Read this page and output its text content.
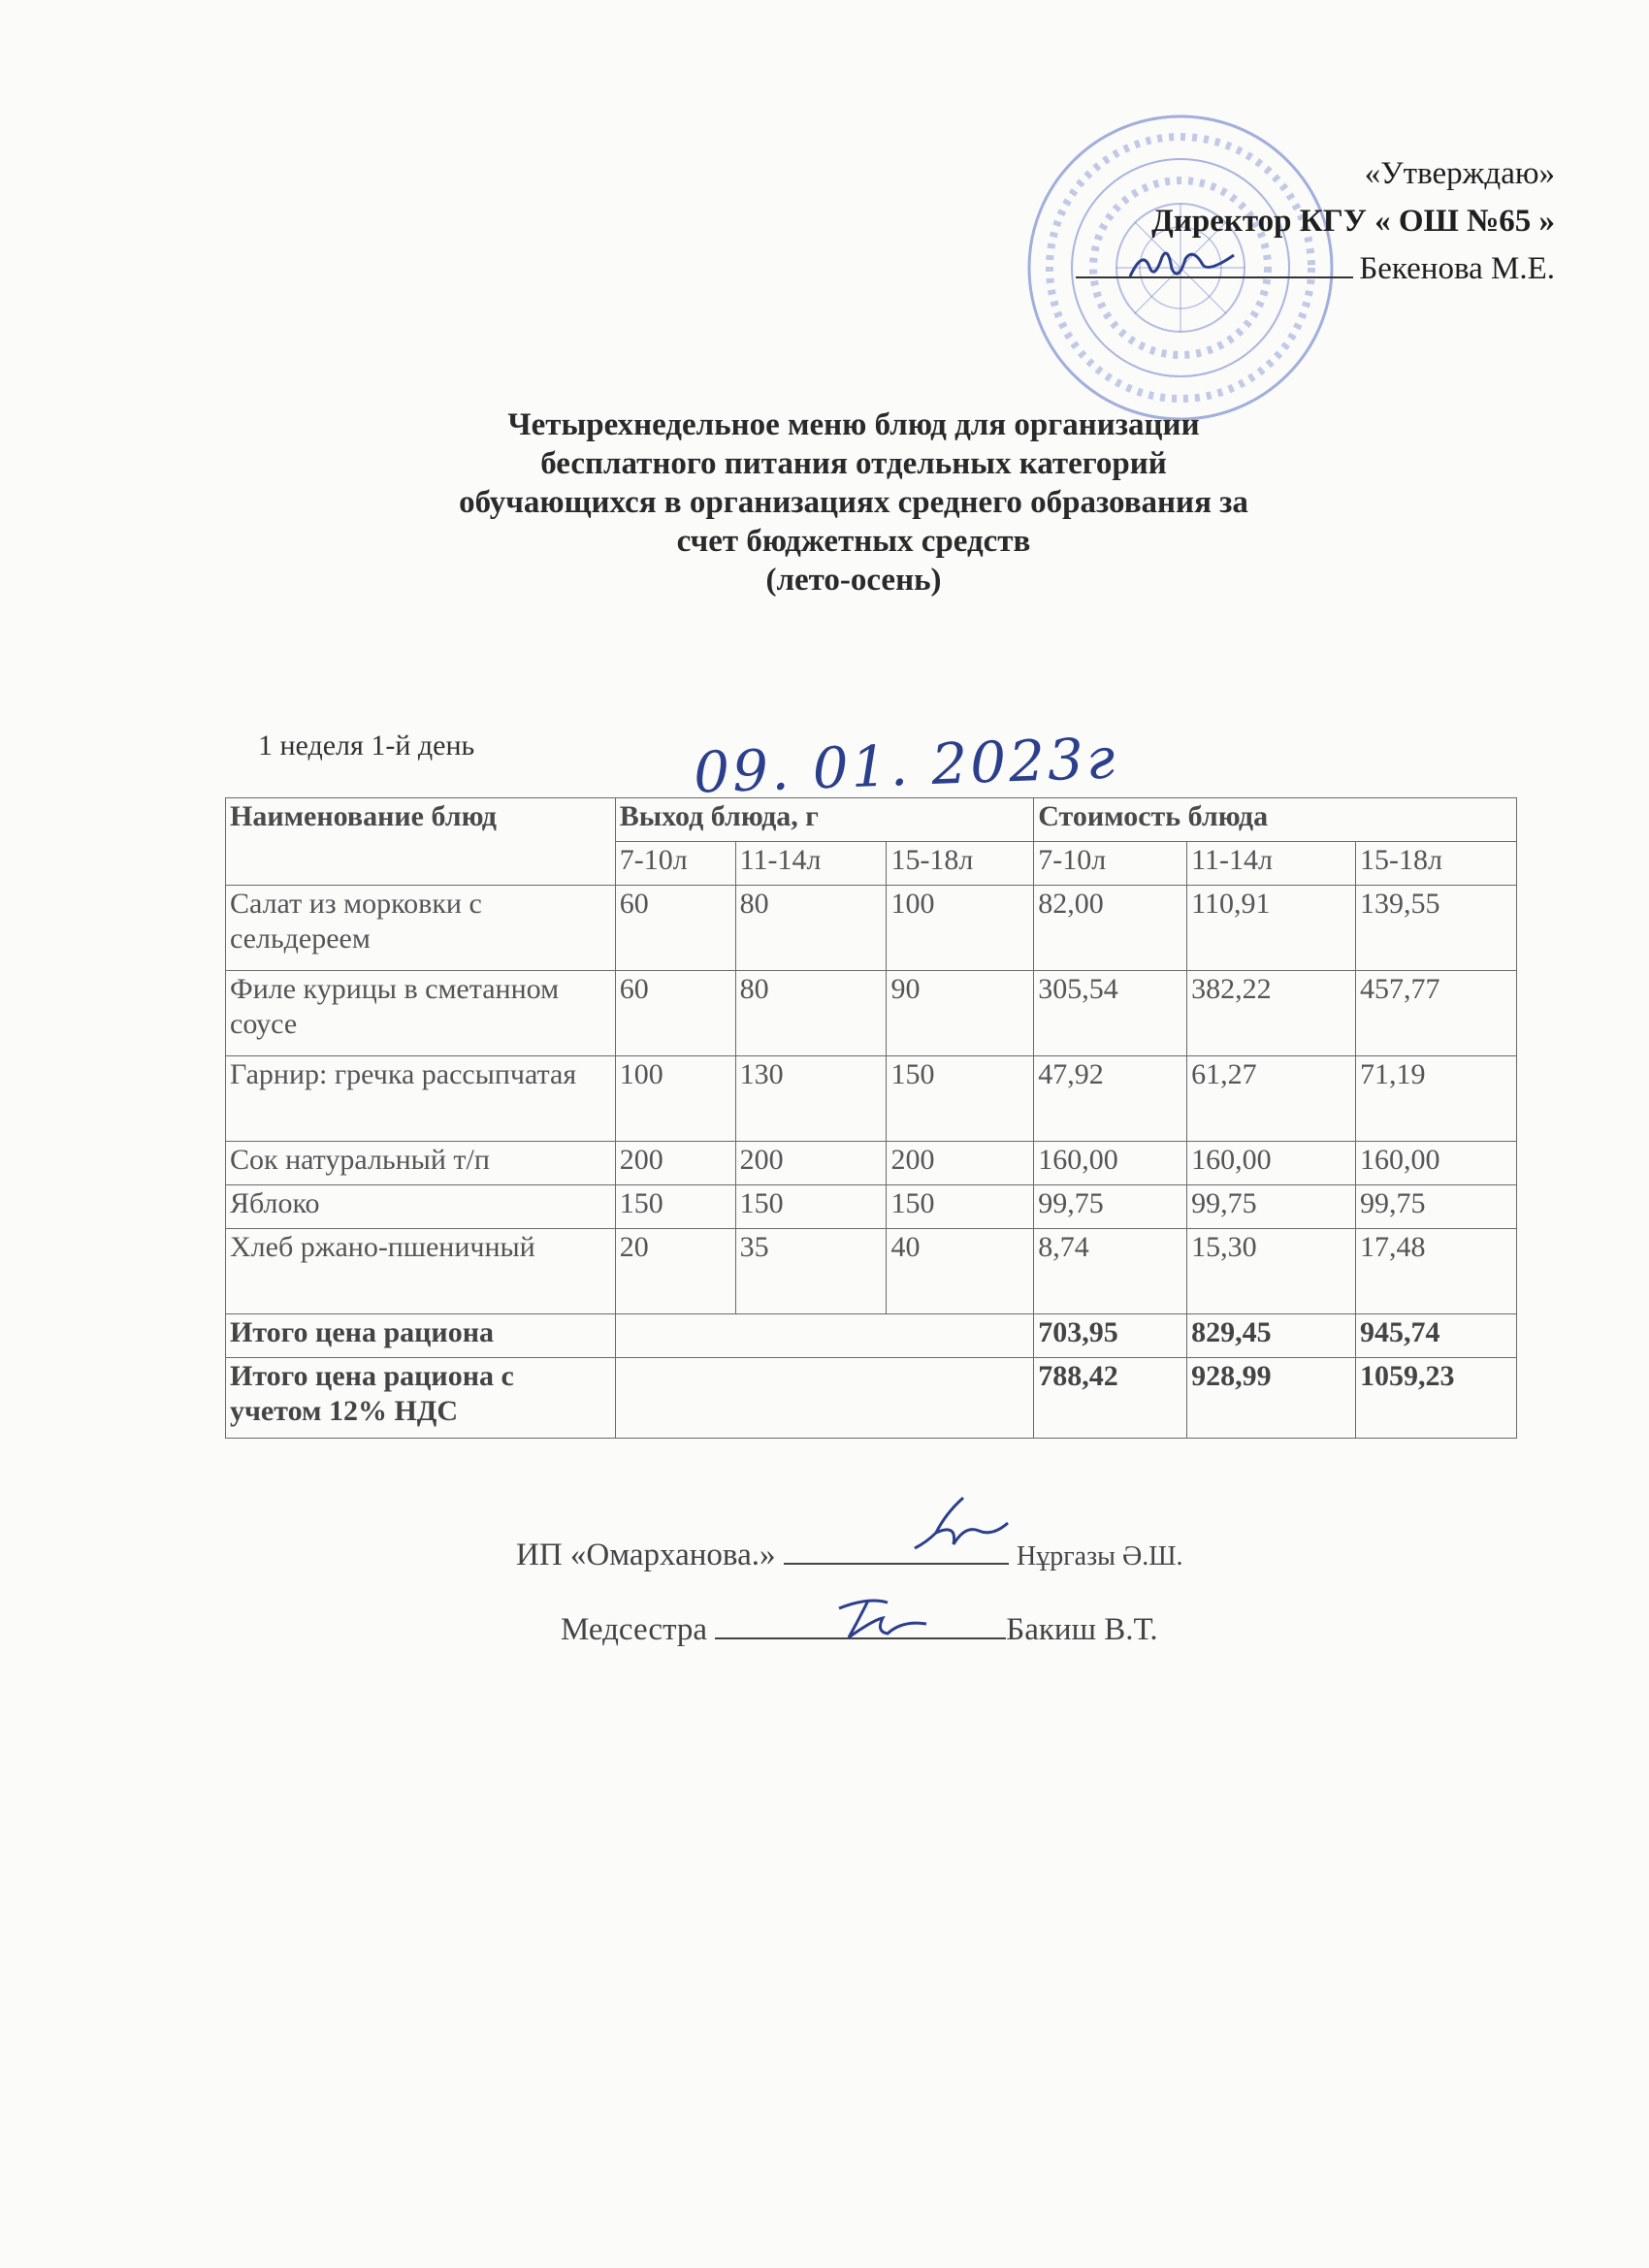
«Утверждаю»
Директор КГУ « ОШ №65 »
Бекенова М.Е.
Четырехнедельное меню блюд для организации
бесплатного питания отдельных категорий
обучающихся в организациях среднего образования за
счет бюджетных средств
(лето-осень)
1 неделя 1-й день	09. 01. 2023г
Наименование блюд	Выход блюда, г			Стоимость блюда		
	7-10л	11-14л	15-18л	7-10л	11-14л	15-18л
Салат из морковки с сельдереем	60	80	100	82,00	110,91	139,55
Филе курицы в сметанном соусе	60	80	90	305,54	382,22	457,77
Гарнир: гречка рассыпчатая	100	130	150	47,92	61,27	71,19
Сок натуральный т/п	200	200	200	160,00	160,00	160,00
Яблоко	150	150	150	99,75	99,75	99,75
Хлеб ржано-пшеничный	20	35	40	8,74	15,30	17,48
Итого цена рациона				703,95	829,45	945,74
Итого цена рациона с учетом 12% НДС				788,42	928,99	1059,23
ИП «Омарханова.»	Нұргазы Ә.Ш.
Медсестра	Бакиш В.Т.
